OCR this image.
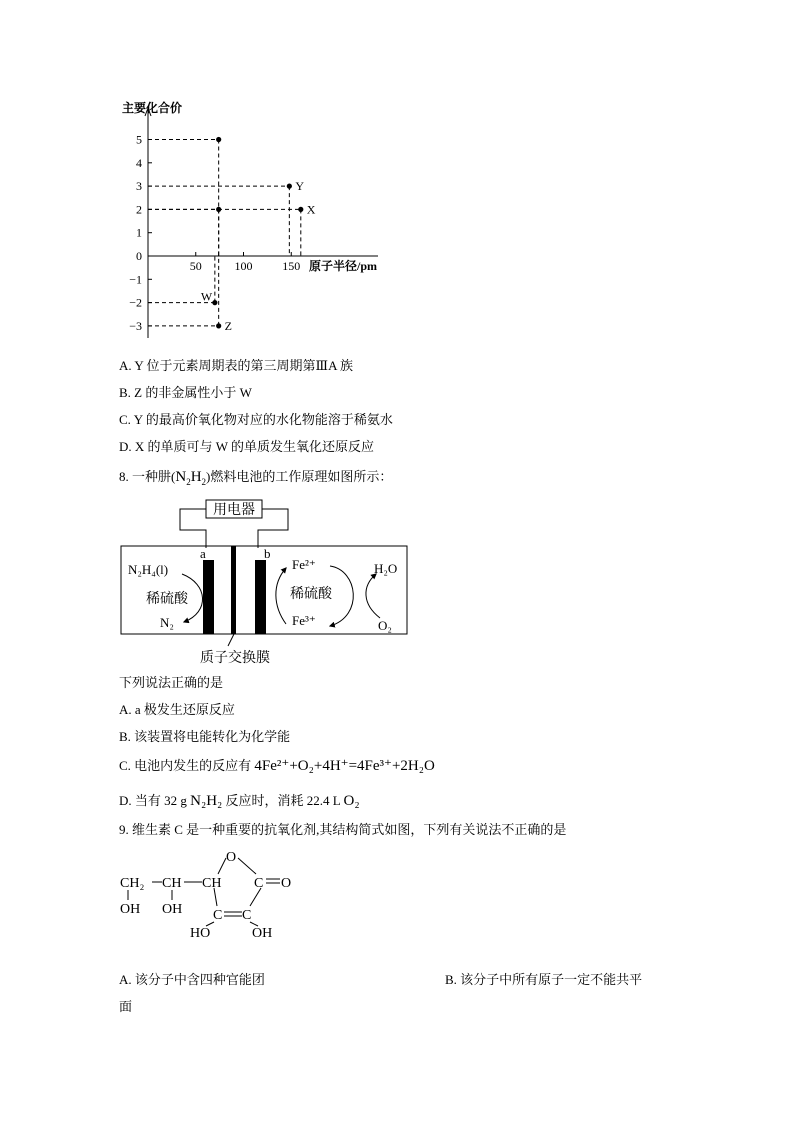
主要化合价
原子半径/pm
5
4
3
2
1
0
−1
−2
−3
50	100 150
Z
Y
X
W
A. Y 位于元素周期表的第三周期第ⅢA 族
B. Z 的非金属性小于 W
C. Y 的最高价氧化物对应的水化物能溶于稀氨水
D. X 的单质可与 W 的单质发生氧化还原反应
8. 一种肼$(N_2H_2)$燃料电池的工作原理如图所示：
用电器
a	b
N₂H₄(l)
稀硫酸
N₂
Fe²⁺
稀硫酸
Fe³⁺
H₂O
O₂
质子交换膜
下列说法正确的是
A. a 极发生还原反应
B. 该装置将电能转化为化学能
C. 电池内发生的反应有 4Fe²⁺+O₂+4H⁺=4Fe³⁺+2H₂O
D. 当有 32 g N₂H₂ 反应时，消耗 22.4 L O₂
9. 维生素 C 是一种重要的抗氧化剂,其结构简式如图，下列有关说法不正确的是
O
CH₂ CH CH C O
C C
OH OH
HO	OH
A. 该分子中含四种官能团	B. 该分子中所有原子一定不能共平
面
